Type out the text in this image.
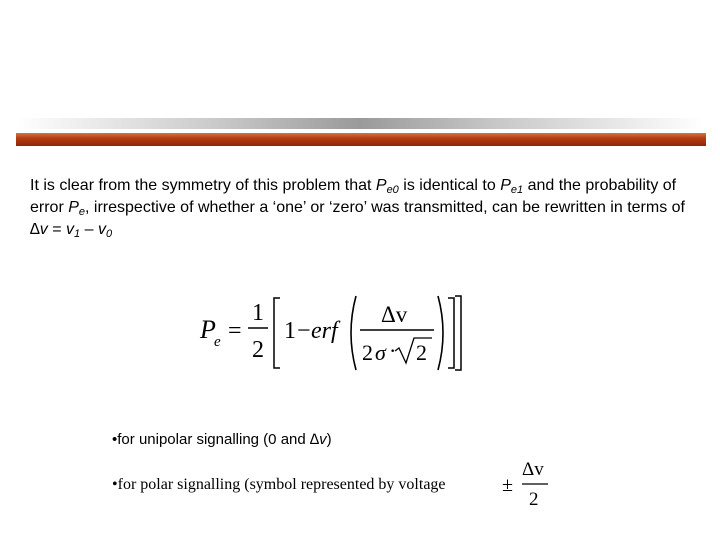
It is clear from the symmetry of this problem that $P_{e0}$ is identical to $P_{e1}$ and the probability of error $P_e$, irrespective of whether a ‘one’ or ‘zero’ was transmitted, can be rewritten in terms of $\Delta v = v_1 - v_0$
P
e =
1
2
1 − erf
Δv
2 σ · 2
•for unipolar signalling (0 and ∆v)
•for polar signalling (symbol represented by voltage	±
Δv
2
